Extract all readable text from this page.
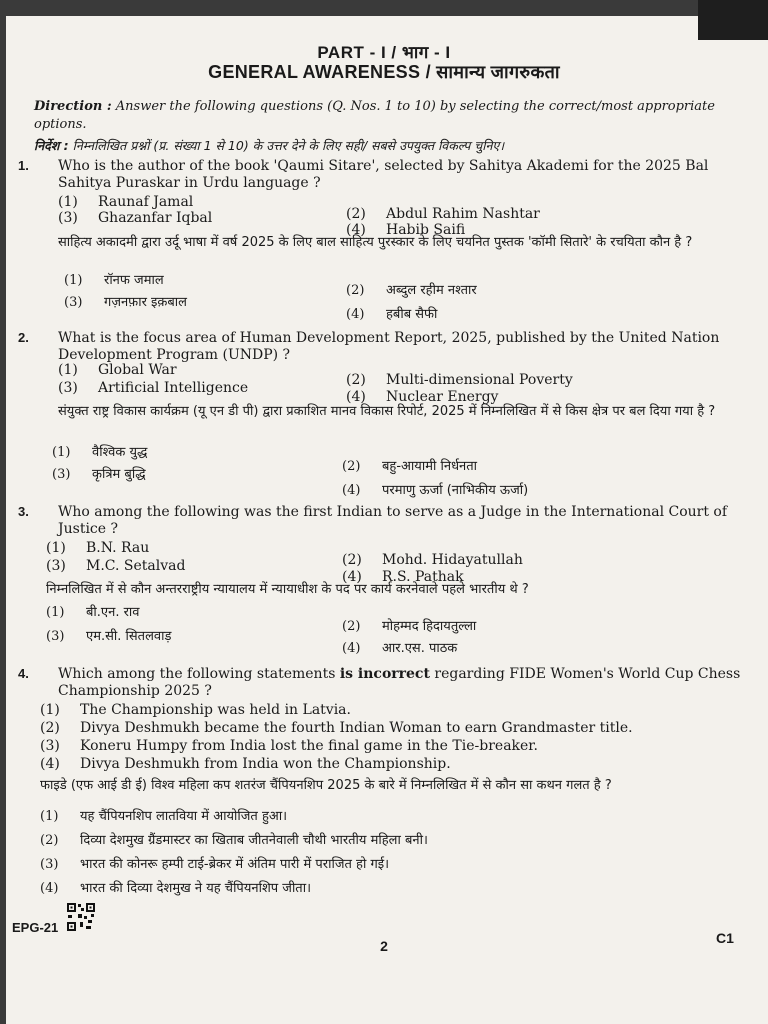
PART - I / भाग - I
GENERAL AWARENESS / सामान्य जागरुकता
Direction : Answer the following questions (Q. Nos. 1 to 10) by selecting the correct/most appropriate options.
निर्देश : निम्नलिखित प्रश्नों (प्र. संख्या 1 से 10) के उत्तर देने के लिए सही/ सबसे उपयुक्त विकल्प चुनिए।
1.	Who is the author of the book 'Qaumi Sitare', selected by Sahitya Akademi for the 2025 Bal Sahitya Puraskar in Urdu language ?
(1) Raunaf Jamal
(2) Abdul Rahim Nashtar
(3) Ghazanfar Iqbal
(4) Habib Saifi
साहित्य अकादमी द्वारा उर्दू भाषा में वर्ष 2025 के लिए बाल साहित्य पुरस्कार के लिए चयनित पुस्तक 'कॉमी सितारे' के रचयिता कौन है ?
(1) रॉनफ जमाल
(2) अब्दुल रहीम नश्तार
(3) गज़नफ़ार इक़बाल
(4) हबीब सैफी
2.	What is the focus area of Human Development Report, 2025, published by the United Nation Development Program (UNDP) ?
(1) Global War
(2) Multi-dimensional Poverty
(3) Artificial Intelligence
(4) Nuclear Energy
संयुक्त राष्ट्र विकास कार्यक्रम (यू एन डी पी) द्वारा प्रकाशित मानव विकास रिपोर्ट, 2025 में निम्नलिखित में से किस क्षेत्र पर बल दिया गया है ?
(1) वैश्विक युद्ध
(2) बहु-आयामी निर्धनता
(3) कृत्रिम बुद्धि
(4) परमाणु ऊर्जा (नाभिकीय ऊर्जा)
3.	Who among the following was the first Indian to serve as a Judge in the International Court of Justice ?
(1) B.N. Rau
(2) Mohd. Hidayatullah
(3) M.C. Setalvad
(4) R.S. Pathak
निम्नलिखित में से कौन अन्तरराष्ट्रीय न्यायालय में न्यायाधीश के पद पर कार्य करनेवाले पहले भारतीय थे ?
(1) बी.एन. राव
(2) मोहम्मद हिदायतुल्ला
(3) एम.सी. सितलवाड़
(4) आर.एस. पाठक
4.	Which among the following statements is incorrect regarding FIDE Women's World Cup Chess Championship 2025 ?
(1) The Championship was held in Latvia.
(2) Divya Deshmukh became the fourth Indian Woman to earn Grandmaster title.
(3) Koneru Humpy from India lost the final game in the Tie-breaker.
(4) Divya Deshmukh from India won the Championship.
फाइडे (एफ आई डी ई) विश्व महिला कप शतरंज चैंपियनशिप 2025 के बारे में निम्नलिखित में से कौन सा कथन गलत है ?
(1) यह चैंपियनशिप लातविया में आयोजित हुआ।
(2) दिव्या देशमुख ग्रैंडमास्टर का खिताब जीतनेवाली चौथी भारतीय महिला बनी।
(3) भारत की कोनरू हम्पी टाई-ब्रेकर में अंतिम पारी में पराजित हो गई।
(4) भारत की दिव्या देशमुख ने यह चैंपियनशिप जीता।
EPG-21
2	C1
